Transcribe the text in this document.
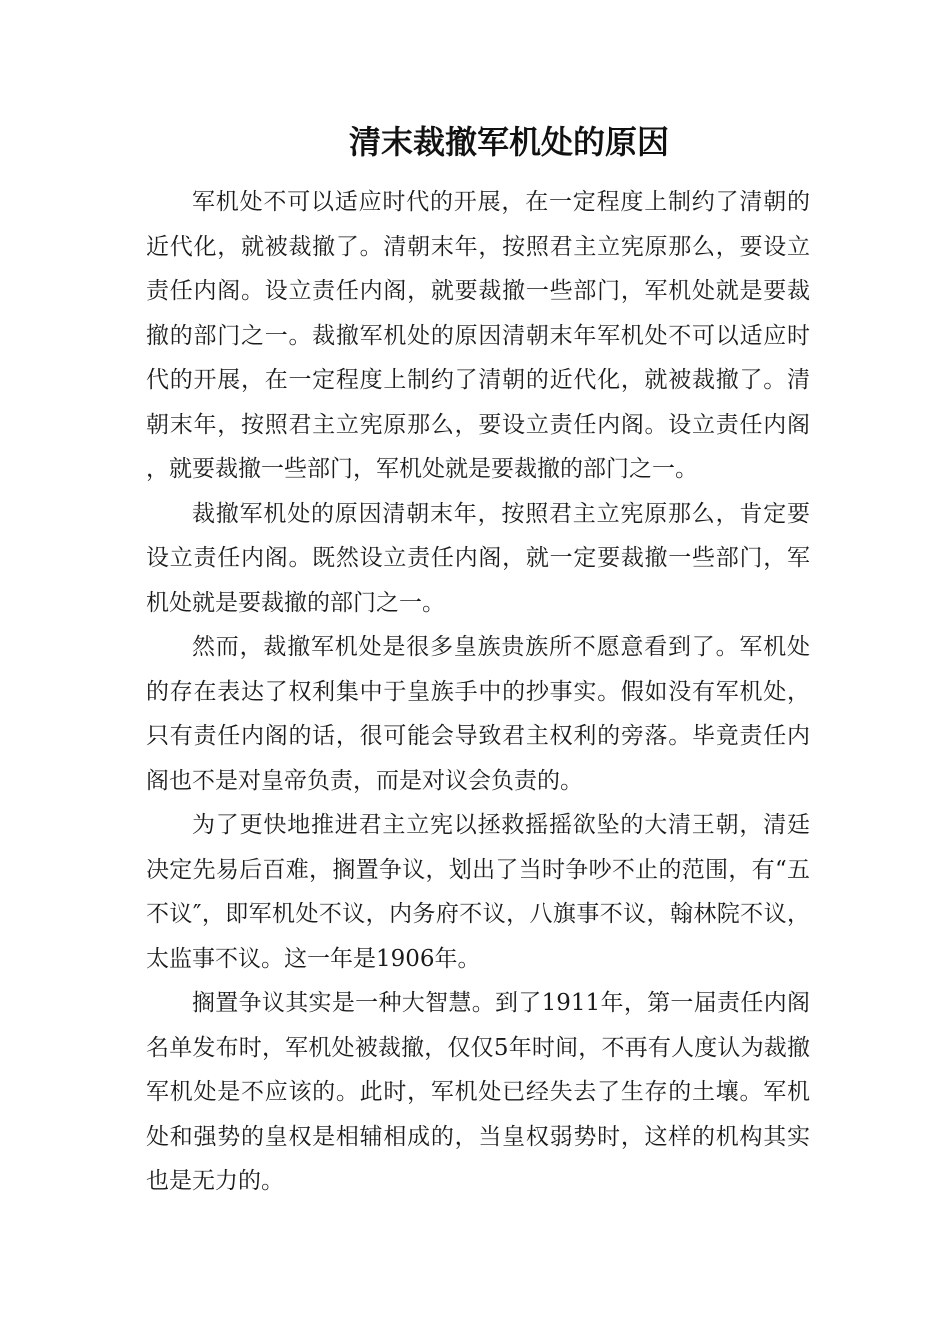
清末裁撤军机处的原因

军机处不可以适应时代的开展，在一定程度上制约了清朝的近代化，就被裁撤了。清朝末年，按照君主立宪原那么，要设立责任内阁。设立责任内阁，就要裁撤一些部门，军机处就是要裁撤的部门之一。裁撤军机处的原因清朝末年军机处不可以适应时代的开展，在一定程度上制约了清朝的近代化，就被裁撤了。清朝末年，按照君主立宪原那么，要设立责任内阁。设立责任内阁，就要裁撤一些部门，军机处就是要裁撤的部门之一。

裁撤军机处的原因清朝末年，按照君主立宪原那么，肯定要设立责任内阁。既然设立责任内阁，就一定要裁撤一些部门，军机处就是要裁撤的部门之一。

然而，裁撤军机处是很多皇族贵族所不愿意看到了。军机处的存在表达了权利集中于皇族手中的抄事实。假如没有军机处，只有责任内阁的话，很可能会导致君主权利的旁落。毕竟责任内阁也不是对皇帝负责，而是对议会负责的。

为了更快地推进君主立宪以拯救摇摇欲坠的大清王朝，清廷决定先易后百难，搁置争议，划出了当时争吵不止的范围，有“五不议″，即军机处不议，内务府不议，八旗事不议，翰林院不议，太监事不议。这一年是1906年。

搁置争议其实是一种大智慧。到了1911年，第一届责任内阁名单发布时，军机处被裁撤，仅仅5年时间，不再有人度认为裁撤军机处是不应该的。此时，军机处已经失去了生存的土壤。军机处和强势的皇权是相辅相成的，当皇权弱势时，这样的机构其实也是无力的。
